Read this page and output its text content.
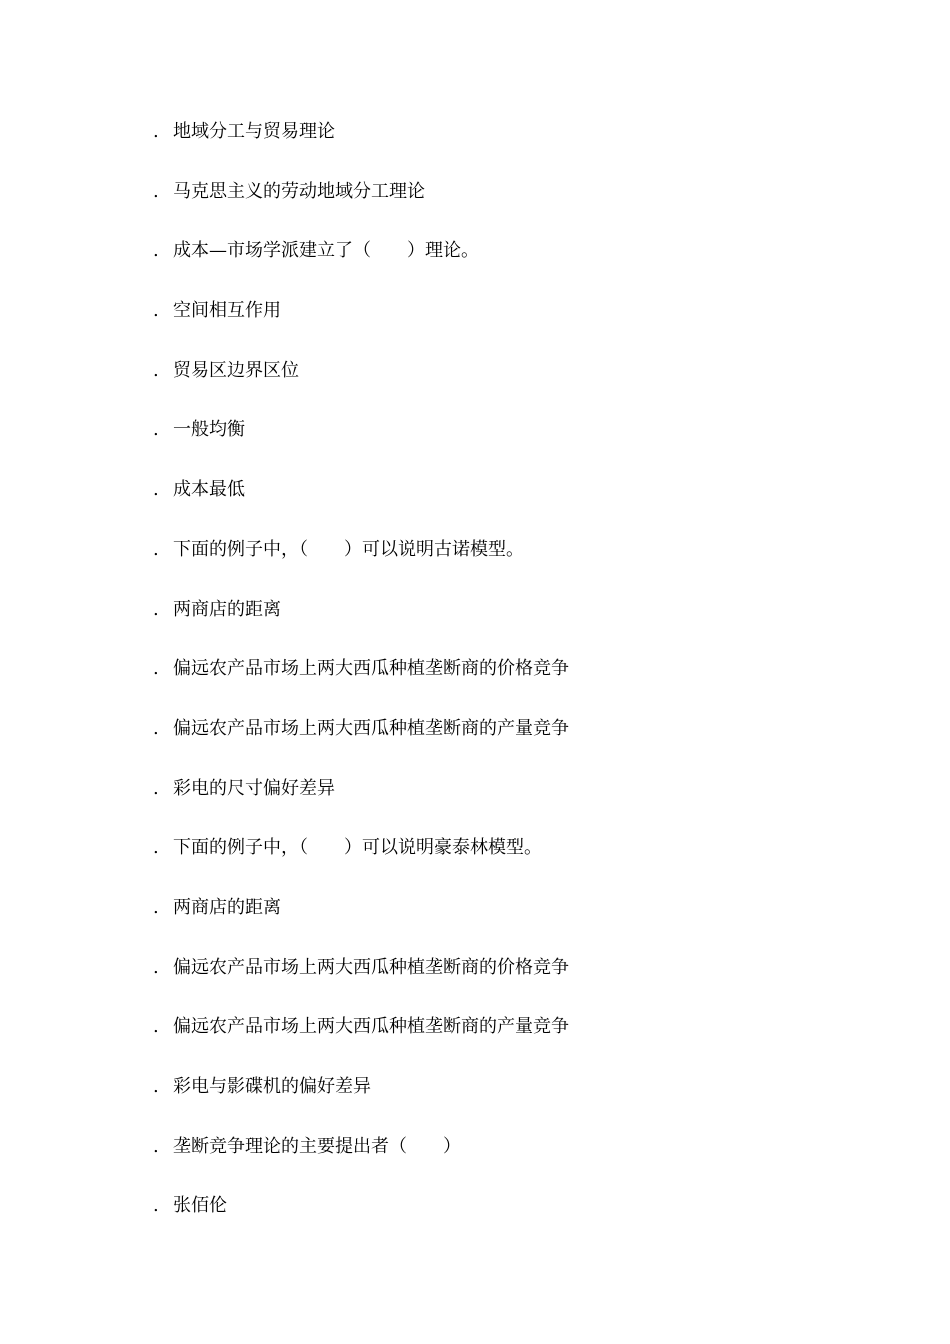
. 地域分工与贸易理论
. 马克思主义的劳动地域分工理论
. 成本—市场学派建立了（　　）理论。
. 空间相互作用
. 贸易区边界区位
. 一般均衡
. 成本最低
. 下面的例子中，（　　）可以说明古诺模型。
. 两商店的距离
. 偏远农产品市场上两大西瓜种植垄断商的价格竞争
. 偏远农产品市场上两大西瓜种植垄断商的产量竞争
. 彩电的尺寸偏好差异
. 下面的例子中，（　　）可以说明豪泰林模型。
. 两商店的距离
. 偏远农产品市场上两大西瓜种植垄断商的价格竞争
. 偏远农产品市场上两大西瓜种植垄断商的产量竞争
. 彩电与影碟机的偏好差异
. 垄断竞争理论的主要提出者（　　）
. 张佰伦
